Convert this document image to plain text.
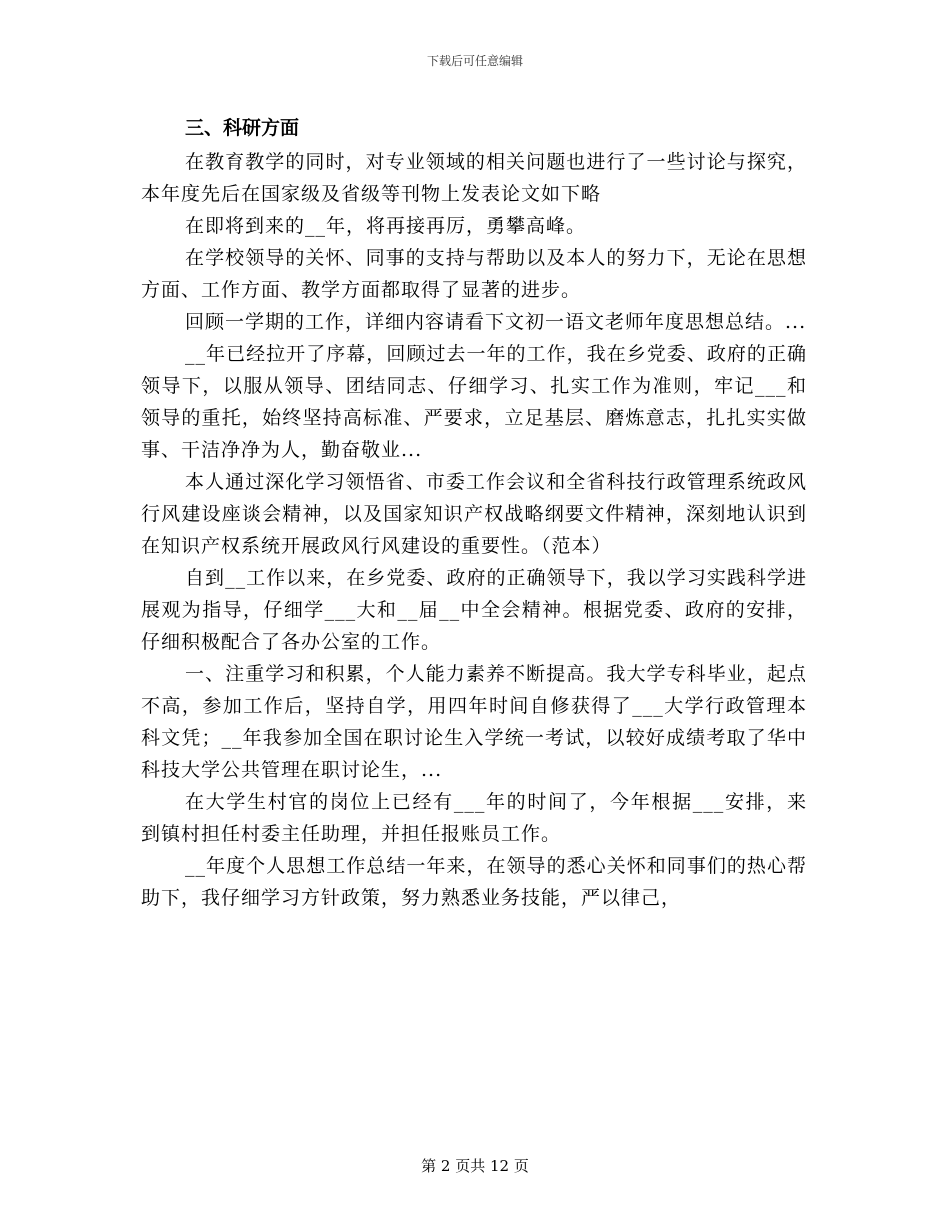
下载后可任意编辑
三、科研方面

在教育教学的同时，对专业领域的相关问题也进行了一些讨论与探究，本年度先后在国家级及省级等刊物上发表论文如下略

在即将到来的__年，将再接再厉，勇攀高峰。

在学校领导的关怀、同事的支持与帮助以及本人的努力下，无论在思想方面、工作方面、教学方面都取得了显著的进步。

回顾一学期的工作，详细内容请看下文初一语文老师年度思想总结。...

__年已经拉开了序幕，回顾过去一年的工作，我在乡党委、政府的正确领导下，以服从领导、团结同志、仔细学习、扎实工作为准则，牢记___和领导的重托，始终坚持高标准、严要求，立足基层、磨炼意志，扎扎实实做事、干洁净净为人，勤奋敬业...

本人通过深化学习领悟省、市委工作会议和全省科技行政管理系统政风行风建设座谈会精神，以及国家知识产权战略纲要文件精神，深刻地认识到在知识产权系统开展政风行风建设的重要性。（范本）

自到__工作以来，在乡党委、政府的正确领导下，我以学习实践科学进展观为指导，仔细学___大和__届__中全会精神。根据党委、政府的安排，仔细积极配合了各办公室的工作。

一、注重学习和积累，个人能力素养不断提高。我大学专科毕业，起点不高，参加工作后，坚持自学，用四年时间自修获得了___大学行政管理本科文凭；__年我参加全国在职讨论生入学统一考试，以较好成绩考取了华中科技大学公共管理在职讨论生，...

在大学生村官的岗位上已经有___年的时间了，今年根据___安排，来到镇村担任村委主任助理，并担任报账员工作。

__年度个人思想工作总结一年来，在领导的悉心关怀和同事们的热心帮助下，我仔细学习方针政策，努力熟悉业务技能，严以律己，

第 2 页共 12 页
